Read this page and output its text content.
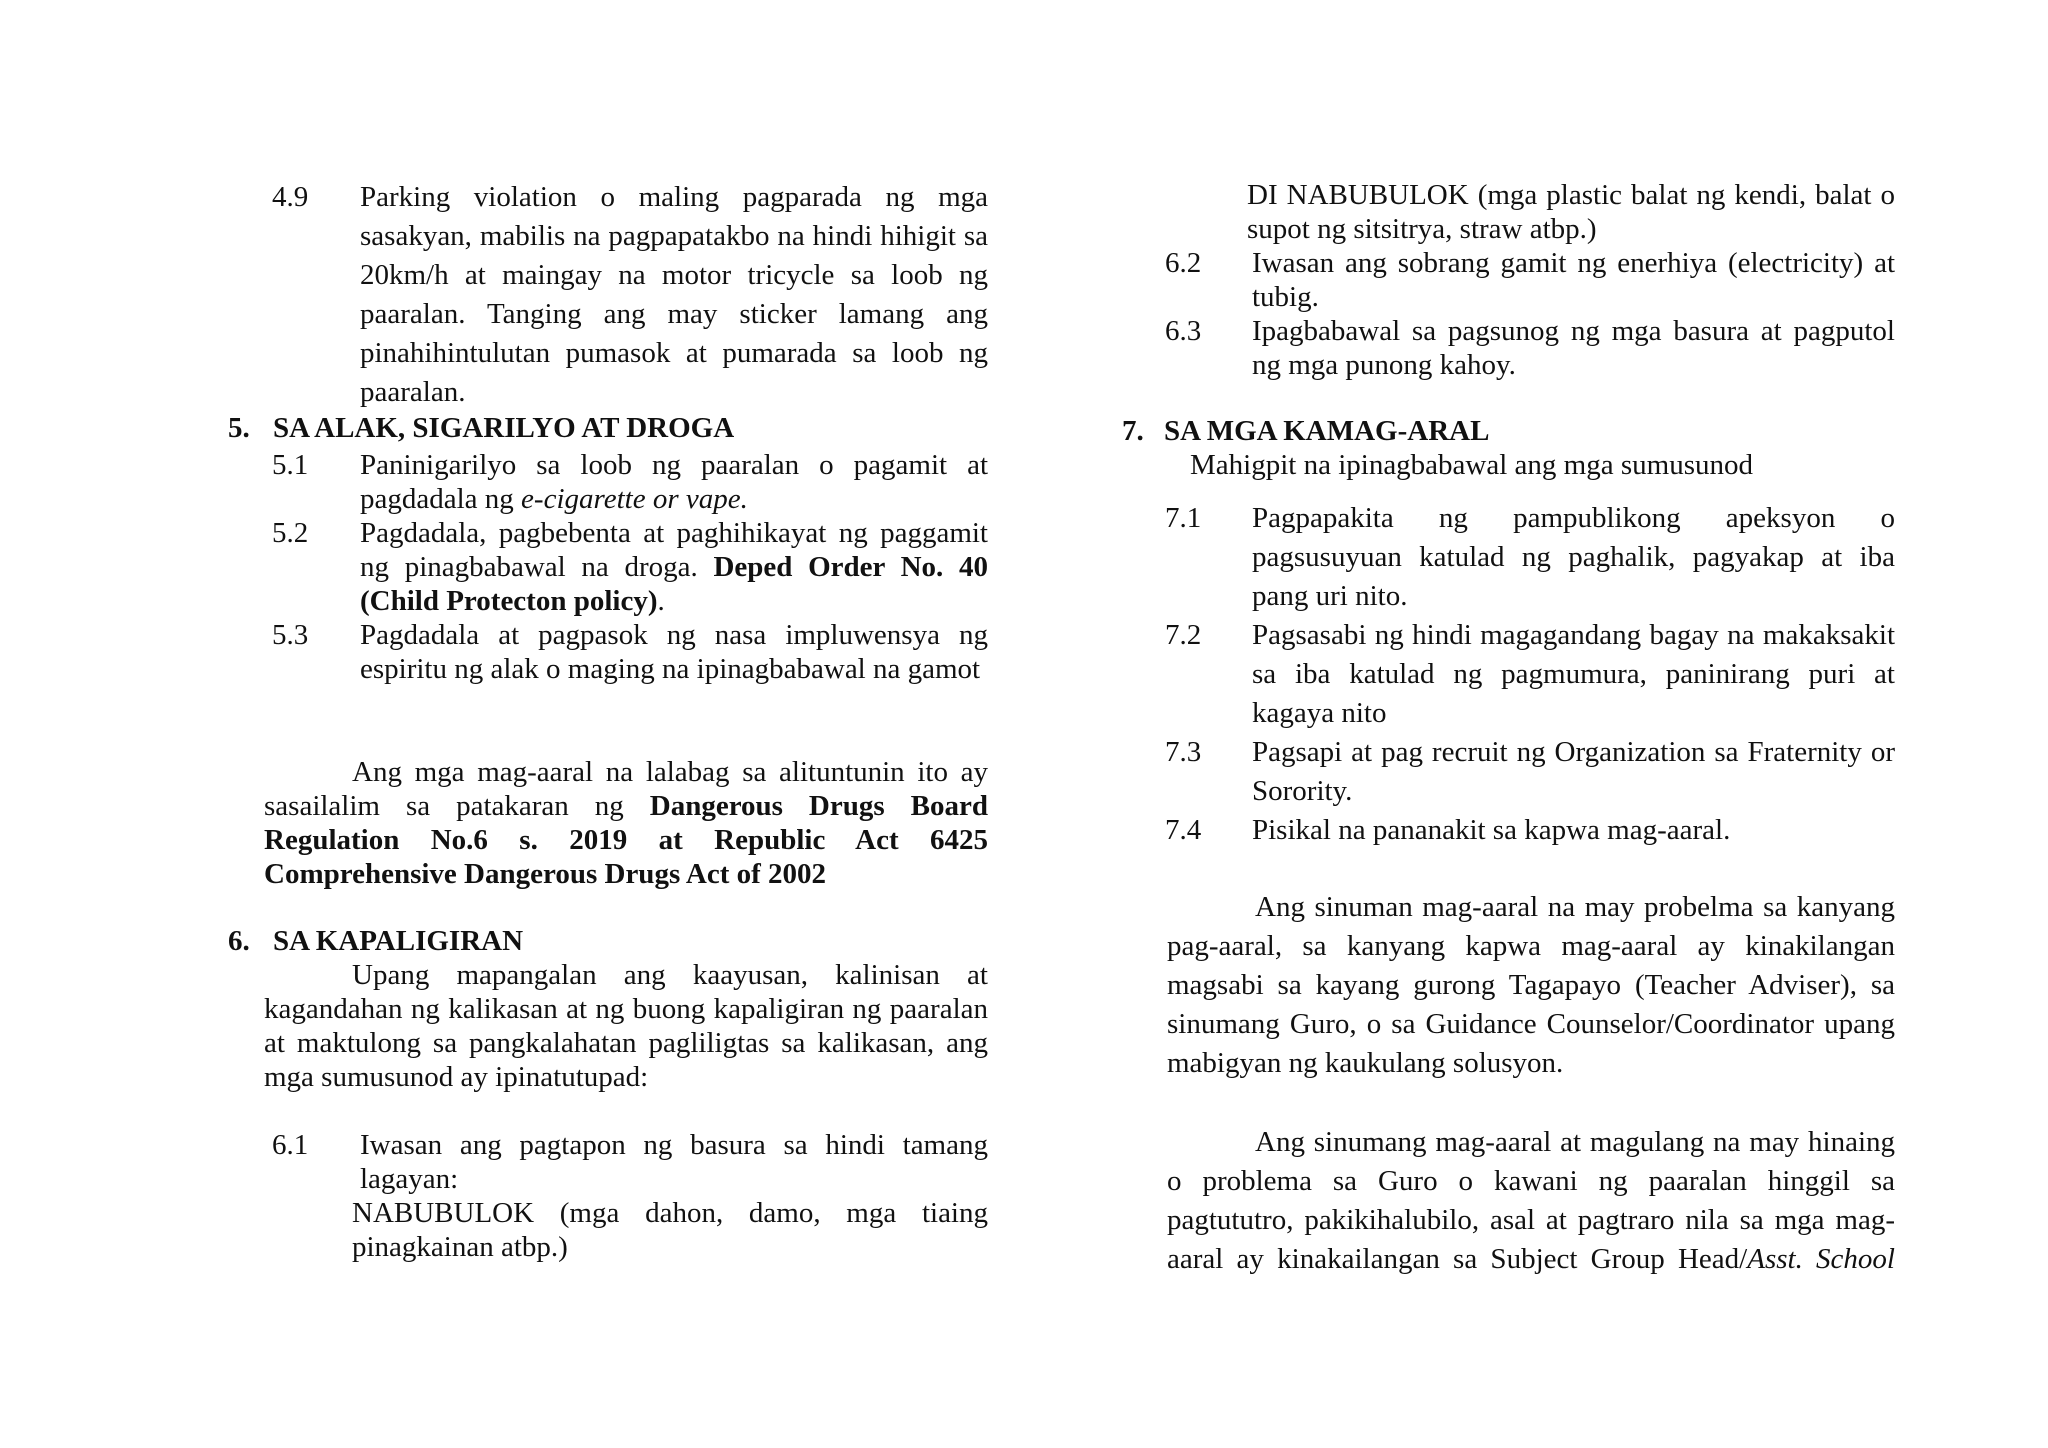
4.9 Parking violation o maling pagparada ng mga sasakyan, mabilis na pagpapatakbo na hindi hihigit sa 20km/h at maingay na motor tricycle sa loob ng paaralan. Tanging ang may sticker lamang ang pinahihintulutan pumasok at pumarada sa loob ng paaralan.
5. SA ALAK, SIGARILYO AT DROGA
5.1 Paninigarilyo sa loob ng paaralan o pagamit at pagdadala ng e-cigarette or vape.
5.2 Pagdadala, pagbebenta at paghihikayat ng paggamit ng pinagbabawal na droga. Deped Order No. 40 (Child Protecton policy).
5.3 Pagdadala at pagpasok ng nasa impluwensya ng espiritu ng alak o maging na ipinagbabawal na gamot
Ang mga mag-aaral na lalabag sa alituntunin ito ay sasailalim sa patakaran ng Dangerous Drugs Board Regulation No.6 s. 2019 at Republic Act 6425 Comprehensive Dangerous Drugs Act of 2002
6. SA KAPALIGIRAN
Upang mapangalan ang kaayusan, kalinisan at kagandahan ng kalikasan at ng buong kapaligiran ng paaralan at maktulong sa pangkalahatan pagliligtas sa kalikasan, ang mga sumusunod ay ipinatutupad:
6.1 Iwasan ang pagtapon ng basura sa hindi tamang lagayan:
NABUBULOK (mga dahon, damo, mga tiaing pinagkainan atbp.)
DI NABUBULOK (mga plastic balat ng kendi, balat o supot ng sitsitrya, straw atbp.)
6.2 Iwasan ang sobrang gamit ng enerhiya (electricity) at tubig.
6.3 Ipagbabawal sa pagsunog ng mga basura at pagputol ng mga punong kahoy.
7. SA MGA KAMAG-ARAL
Mahigpit na ipinagbabawal ang mga sumusunod
7.1 Pagpapakita ng pampublikong apeksyon o pagsusuyuan katulad ng paghalik, pagyakap at iba pang uri nito.
7.2 Pagsasabi ng hindi magagandang bagay na makaksakit sa iba katulad ng pagmumura, paninirang puri at kagaya nito
7.3 Pagsapi at pag recruit ng Organization sa Fraternity or Sorority.
7.4 Pisikal na pananakit sa kapwa mag-aaral.
Ang sinuman mag-aaral na may probelma sa kanyang pag-aaral, sa kanyang kapwa mag-aaral ay kinakilangan magsabi sa kayang gurong Tagapayo (Teacher Adviser), sa sinumang Guro, o sa Guidance Counselor/Coordinator upang mabigyan ng kaukulang solusyon.
Ang sinumang mag-aaral at magulang na may hinaing o problema sa Guro o kawani ng paaralan hinggil sa pagtututro, pakikihalubilo, asal at pagtraro nila sa mga mag-aaral ay kinakailangan sa Subject Group Head/Asst. School
